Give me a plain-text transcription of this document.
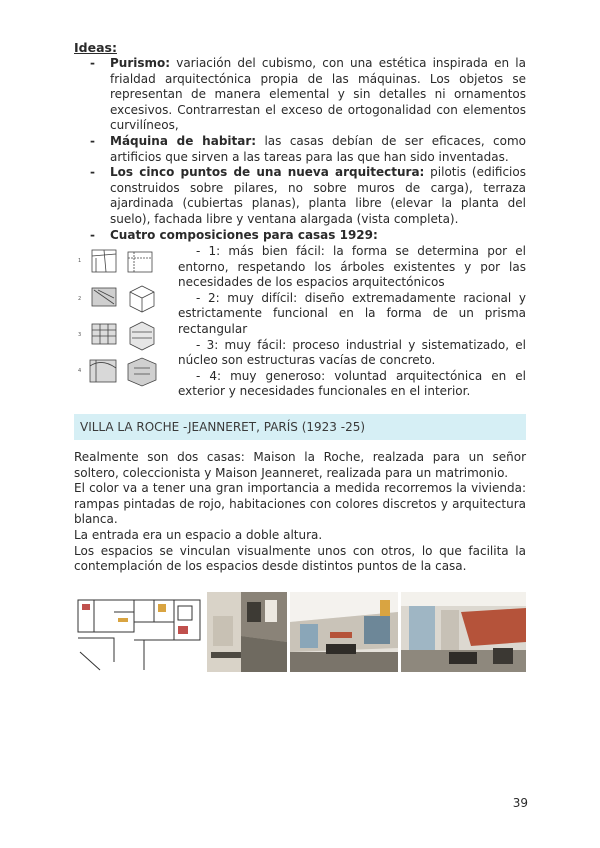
Ideas:
- Purismo: variación del cubismo, con una estética inspirada en la frialdad arquitectónica propia de las máquinas. Los objetos se representan de manera elemental y sin detalles ni ornamentos excesivos. Contrarrestan el exceso de ortogonalidad con elementos curvilíneos,
- Máquina de habitar: las casas debían de ser eficaces, como artificios que sirven a las tareas para las que han sido inventadas.
- Los cinco puntos de una nueva arquitectura: pilotis (edificios construidos sobre pilares, no sobre muros de carga), terraza ajardinada (cubiertas planas), planta libre (elevar la planta del suelo), fachada libre y ventana alargada (vista completa).
- Cuatro composiciones para casas 1929:
1
2
3
4

- 1: más bien fácil: la forma se determina por el entorno, respetando los árboles existentes y por las necesidades de los espacios arquitectónicos

- 2: muy difícil: diseño extremadamente racional y estrictamente funcional en la forma de un prisma rectangular

- 3: muy fácil: proceso industrial y sistematizado, el núcleo son estructuras vacías de concreto.

- 4: muy generoso: voluntad arquitectónica en el exterior y necesidades funcionales en el interior.

VILLA LA ROCHE -JEANNERET, PARÍS (1923 -25)

Realmente son dos casas: Maison la Roche, realzada para un señor soltero, coleccionista y Maison Jeanneret, realizada para un matrimonio.

El color va a tener una gran importancia a medida recorremos la vivienda: rampas pintadas de rojo, habitaciones con colores discretos y arquitectura blanca.

La entrada era un espacio a doble altura.

Los espacios se vinculan visualmente unos con otros, lo que facilita la contemplación de los espacios desde distintos puntos de la casa.

39
